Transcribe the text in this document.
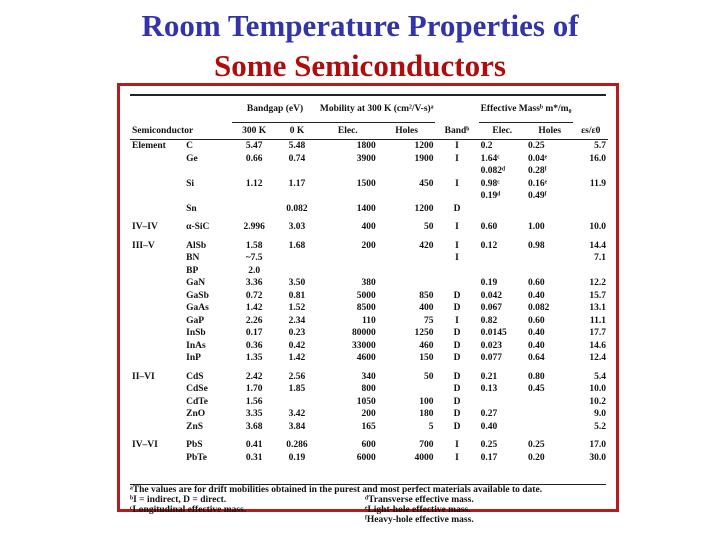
Room Temperature Properties of
Some Semiconductors
		Bandgap (eV)		Mobility at 300 K (cm²/V-s)ᵃ			Effective Massᵇ m*/m₀		
Semiconductor		300 K	0 K	Elec.	Holes	Bandᵇ	Elec.	Holes	εs/ε0
Element	C	5.47	5.48	1800	1200	I	0.2	0.25	5.7
	Ge	0.66	0.74	3900	1900	I	1.64ᶜ	0.04ᵉ	16.0
							0.082ᵈ	0.28ᶠ	
	Si	1.12	1.17	1500	450	I	0.98ᶜ	0.16ᵉ	11.9
							0.19ᵈ	0.49ᶠ	
	Sn		0.082	1400	1200	D			

IV–IV	α-SiC	2.996	3.03	400	50	I	0.60	1.00	10.0

III–V	AlSb	1.58	1.68	200	420	I	0.12	0.98	14.4
	BN	~7.5				I			7.1
	BP	2.0							
	GaN	3.36	3.50	380			0.19	0.60	12.2
	GaSb	0.72	0.81	5000	850	D	0.042	0.40	15.7
	GaAs	1.42	1.52	8500	400	D	0.067	0.082	13.1
	GaP	2.26	2.34	110	75	I	0.82	0.60	11.1
	InSb	0.17	0.23	80000	1250	D	0.0145	0.40	17.7
	InAs	0.36	0.42	33000	460	D	0.023	0.40	14.6
	InP	1.35	1.42	4600	150	D	0.077	0.64	12.4

II–VI	CdS	2.42	2.56	340	50	D	0.21	0.80	5.4
	CdSe	1.70	1.85	800		D	0.13	0.45	10.0
	CdTe	1.56		1050	100	D			10.2
	ZnO	3.35	3.42	200	180	D	0.27		9.0
	ZnS	3.68	3.84	165	5	D	0.40		5.2

IV–VI	PbS	0.41	0.286	600	700	I	0.25	0.25	17.0
	PbTe	0.31	0.19	6000	4000	I	0.17	0.20	30.0
ᵃThe values are for drift mobilities obtained in the purest and most perfect materials available to date.
ᵇI = indirect, D = direct.	ᵈTransverse effective mass.
ᶜLongitudinal effective mass.	ᵉLight-hole effective mass.
ᶠHeavy-hole effective mass.
